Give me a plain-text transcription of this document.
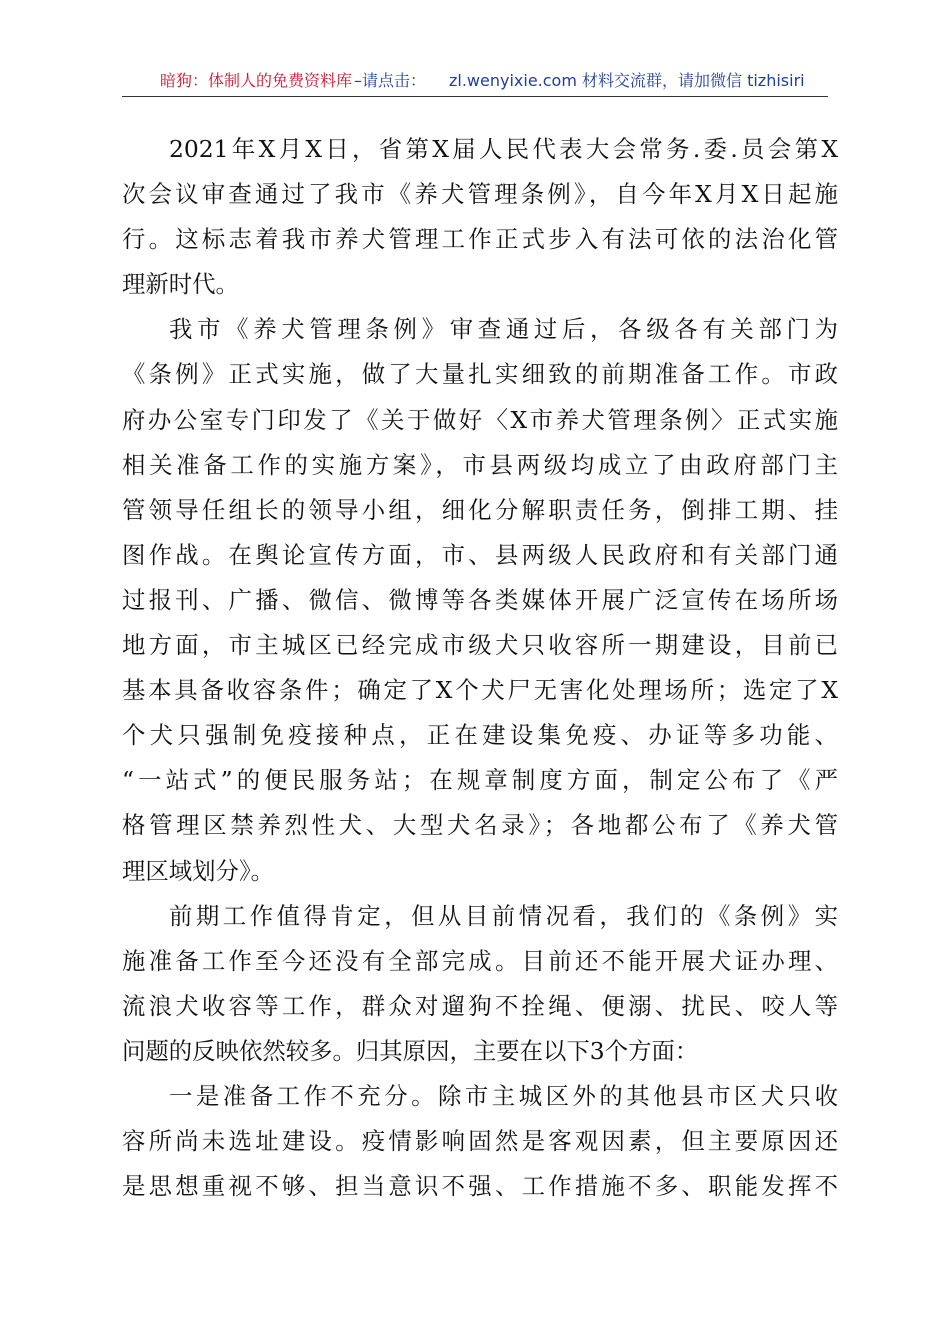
暗狗：体制人的免费资料库 –请点击： zl.wenyixie.com 材料交流群，请加微信 tizhisiri
2021年X月X日，省第X届人民代表大会常务.委.员会第X
次会议审查通过了我市《养犬管理条例》，自今年X月X日起施
行。这标志着我市养犬管理工作正式步入有法可依的法治化管
理新时代。
我市《养犬管理条例》审查通过后，各级各有关部门为
《条例》正式实施，做了大量扎实细致的前期准备工作。市政
府办公室专门印发了《关于做好〈X市养犬管理条例〉正式实施
相关准备工作的实施方案》，市县两级均成立了由政府部门主
管领导任组长的领导小组，细化分解职责任务，倒排工期、挂
图作战。在舆论宣传方面，市、县两级人民政府和有关部门通
过报刊、广播、微信、微博等各类媒体开展广泛宣传在场所场
地方面，市主城区已经完成市级犬只收容所一期建设，目前已
基本具备收容条件；确定了X个犬尸无害化处理场所；选定了X
个犬只强制免疫接种点，正在建设集免疫、办证等多功能、
“一站式”的便民服务站；在规章制度方面，制定公布了《严
格管理区禁养烈性犬、大型犬名录》；各地都公布了《养犬管
理区域划分》。
前期工作值得肯定，但从目前情况看，我们的《条例》实
施准备工作至今还没有全部完成。目前还不能开展犬证办理、
流浪犬收容等工作，群众对遛狗不拴绳、便溺、扰民、咬人等
问题的反映依然较多。归其原因，主要在以下3个方面：
一是准备工作不充分。除市主城区外的其他县市区犬只收
容所尚未选址建设。疫情影响固然是客观因素，但主要原因还
是思想重视不够、担当意识不强、工作措施不多、职能发挥不
